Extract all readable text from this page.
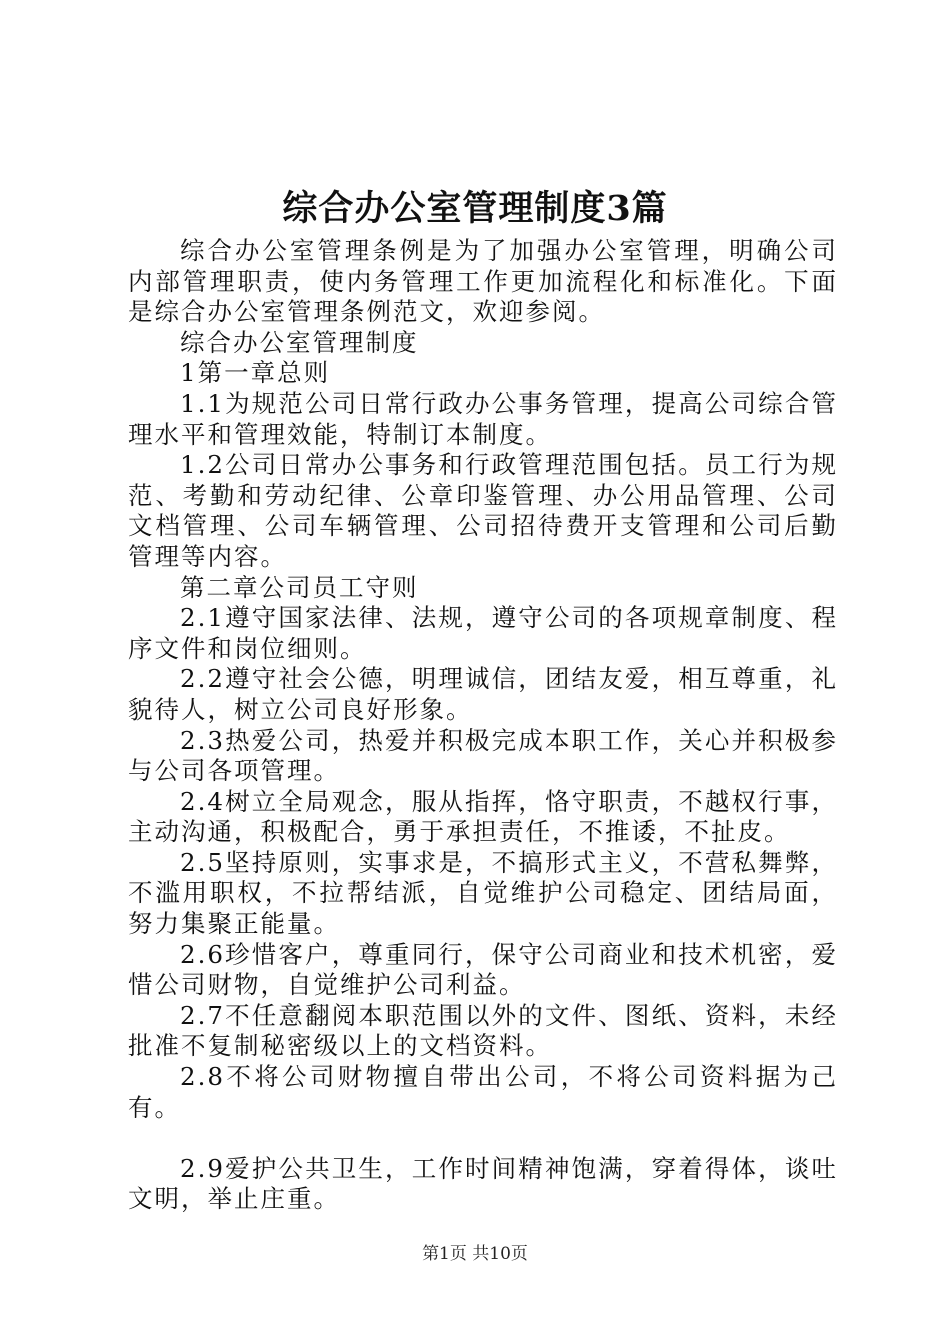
综合办公室管理制度3篇

综合办公室管理条例是为了加强办公室管理，明确公司内部管理职责，使内务管理工作更加流程化和标准化。下面是综合办公室管理条例范文，欢迎参阅。

综合办公室管理制度

1第一章总则

1.1为规范公司日常行政办公事务管理，提高公司综合管理水平和管理效能，特制订本制度。

1.2公司日常办公事务和行政管理范围包括。员工行为规范、考勤和劳动纪律、公章印鉴管理、办公用品管理、公司文档管理、公司车辆管理、公司招待费开支管理和公司后勤管理等内容。

第二章公司员工守则

2.1遵守国家法律、法规，遵守公司的各项规章制度、程序文件和岗位细则。

2.2遵守社会公德，明理诚信，团结友爱，相互尊重，礼貌待人，树立公司良好形象。

2.3热爱公司，热爱并积极完成本职工作，关心并积极参与公司各项管理。

2.4树立全局观念，服从指挥，恪守职责，不越权行事，主动沟通，积极配合，勇于承担责任，不推诿，不扯皮。

2.5坚持原则，实事求是，不搞形式主义，不营私舞弊，不滥用职权，不拉帮结派，自觉维护公司稳定、团结局面，努力集聚正能量。

2.6珍惜客户，尊重同行，保守公司商业和技术机密，爱惜公司财物，自觉维护公司利益。

2.7不任意翻阅本职范围以外的文件、图纸、资料，未经批准不复制秘密级以上的文档资料。

2.8不将公司财物擅自带出公司，不将公司资料据为己有。

2.9爱护公共卫生，工作时间精神饱满，穿着得体，谈吐文明，举止庄重。

第1页 共10页
